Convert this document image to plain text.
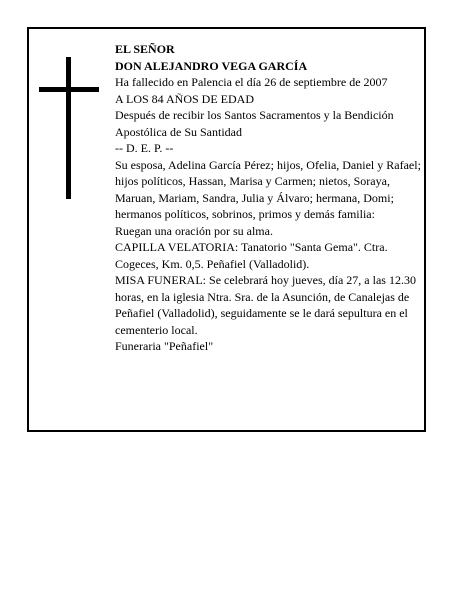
EL SEÑOR

DON ALEJANDRO VEGA GARCÍA

Ha fallecido en Palencia el día 26 de septiembre de 2007

A LOS 84 AÑOS DE EDAD

Después de recibir los Santos Sacramentos y la Bendición Apostólica de Su Santidad

-- D. E. P. --

Su esposa, Adelina García Pérez; hijos, Ofelia, Daniel y Rafael; hijos políticos, Hassan, Marisa y Carmen; nietos, Soraya, Maruan, Mariam, Sandra, Julia y Álvaro; hermana, Domi; hermanos políticos, sobrinos, primos y demás familia:

Ruegan una oración por su alma.

CAPILLA VELATORIA: Tanatorio "Santa Gema". Ctra. Cogeces, Km. 0,5. Peñafiel (Valladolid).

MISA FUNERAL: Se celebrará hoy jueves, día 27, a las 12.30 horas, en la iglesia Ntra. Sra. de la Asunción, de Canalejas de Peñafiel (Valladolid), seguidamente se le dará sepultura en el cementerio local.

Funeraria "Peñafiel"
